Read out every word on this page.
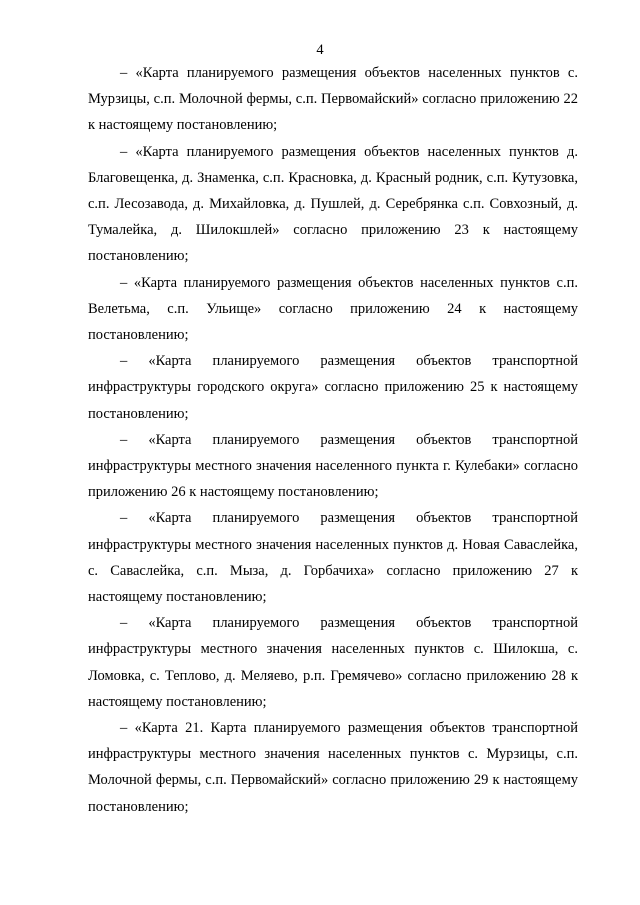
4

– «Карта планируемого размещения объектов населенных пунктов с. Мурзицы, с.п. Молочной фермы, с.п. Первомайский» согласно приложению 22 к настоящему постановлению;

– «Карта планируемого размещения объектов населенных пунктов д. Благовещенка, д. Знаменка, с.п. Красновка, д. Красный родник, с.п. Кутузовка, с.п. Лесозавода, д. Михайловка, д. Пушлей, д. Серебрянка с.п. Совхозный, д. Тумалейка, д. Шилокшлей» согласно приложению 23 к настоящему постановлению;

– «Карта планируемого размещения объектов населенных пунктов с.п. Велетьма, с.п. Ульище» согласно приложению 24 к настоящему постановлению;

– «Карта планируемого размещения объектов транспортной инфраструктуры городского округа» согласно приложению 25 к настоящему постановлению;

– «Карта планируемого размещения объектов транспортной инфраструктуры местного значения населенного пункта г. Кулебаки» согласно приложению 26 к настоящему постановлению;

– «Карта планируемого размещения объектов транспортной инфраструктуры местного значения населенных пунктов д. Новая Саваслейка, с. Саваслейка, с.п. Мыза, д. Горбачиха» согласно приложению 27 к настоящему постановлению;

– «Карта планируемого размещения объектов транспортной инфраструктуры местного значения населенных пунктов с. Шилокша, с. Ломовка, с. Теплово, д. Меляево, р.п. Гремячево» согласно приложению 28 к настоящему постановлению;

– «Карта 21. Карта планируемого размещения объектов транспортной инфраструктуры местного значения населенных пунктов с. Мурзицы, с.п. Молочной фермы, с.п. Первомайский» согласно приложению 29 к настоящему постановлению;
